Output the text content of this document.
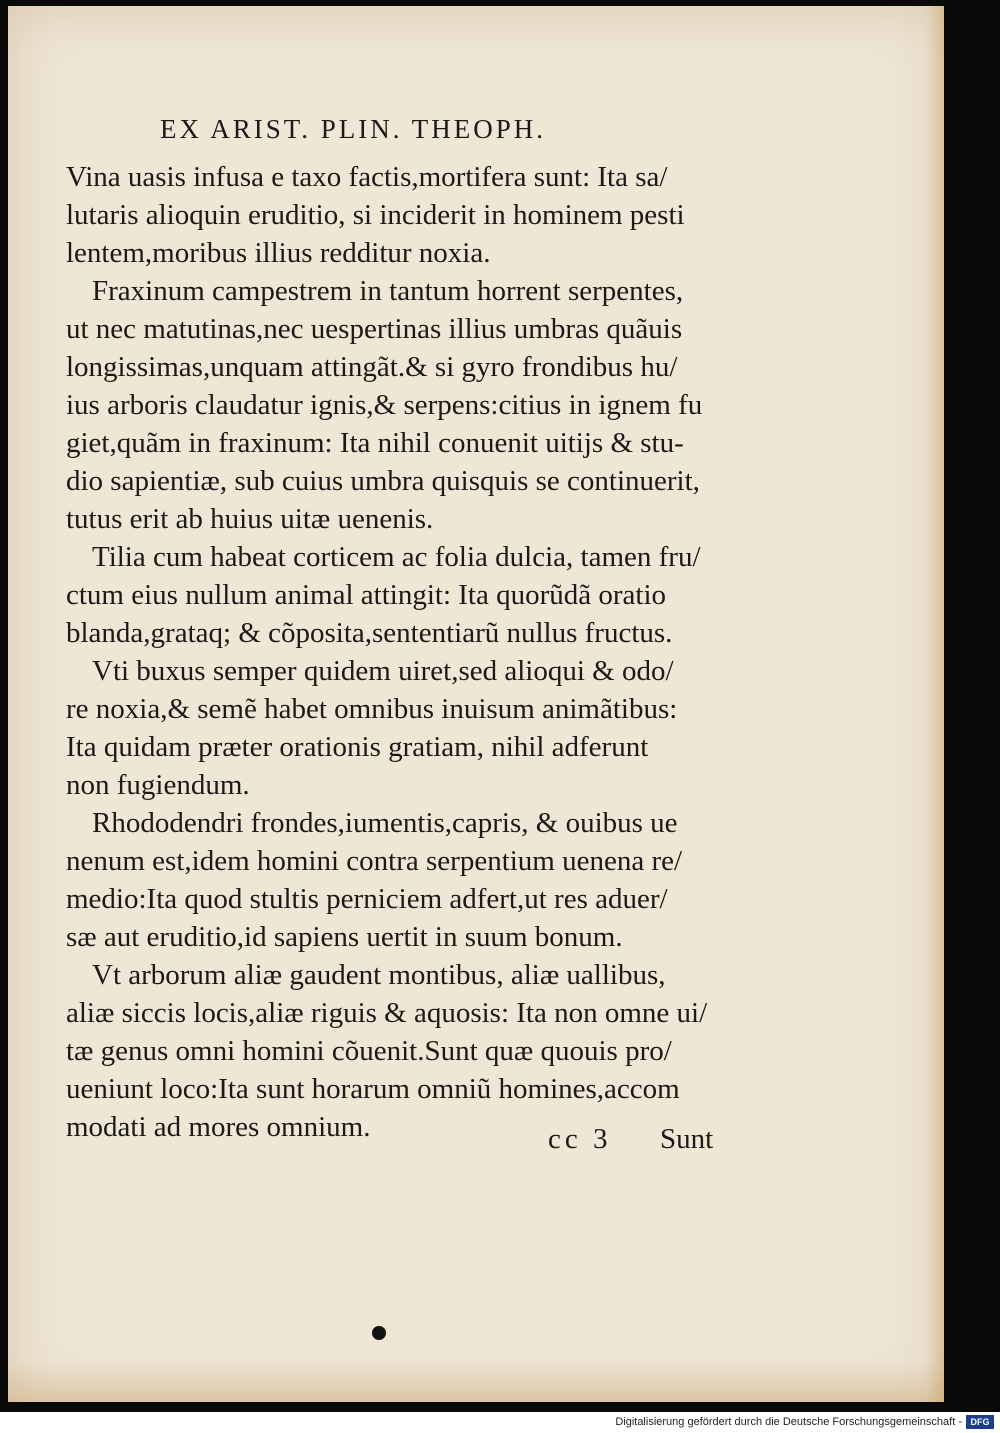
EX ARIST. PLIN. THEOPH.
Vina uasis infusa e taxo factis,mortifera sunt: Ita sa/
lutaris alioquin eruditio, si inciderit in hominem pesti
lentem,moribus illius redditur noxia.
Fraxinum campestrem in tantum horrent serpentes,
ut nec matutinas,nec uespertinas illius umbras quãuis
longissimas,unquam attingãt.& si gyro frondibus hu/
ius arboris claudatur ignis,& serpens:citius in ignem fu
giet,quãm in fraxinum: Ita nihil conuenit uitijs & stu-
dio sapientiæ, sub cuius umbra quisquis se continuerit,
tutus erit ab huius uitæ uenenis.
Tilia cum habeat corticem ac folia dulcia, tamen fru/
ctum eius nullum animal attingit: Ita quorũdã oratio
blanda,grataq; & cõposita,sententiarũ nullus fructus.
Vti buxus semper quidem uiret,sed alioqui & odo/
re noxia,& semẽ habet omnibus inuisum animãtibus:
Ita quidam præter orationis gratiam, nihil adferunt
non fugiendum.
Rhododendri frondes,iumentis,capris, & ouibus ue
nenum est,idem homini contra serpentium uenena re/
medio:Ita quod stultis perniciem adfert,ut res aduer/
sæ aut eruditio,id sapiens uertit in suum bonum.
Vt arborum aliæ gaudent montibus, aliæ uallibus,
aliæ siccis locis,aliæ riguis & aquosis: Ita non omne ui/
tæ genus omni homini cõuenit.Sunt quæ quouis pro/
ueniunt loco:Ita sunt horarum omniũ homines,accom
modati ad mores omnium.	cc 3 Sunt
Digitalisierung gefördert durch die Deutsche Forschungsgemeinschaft - DFG
